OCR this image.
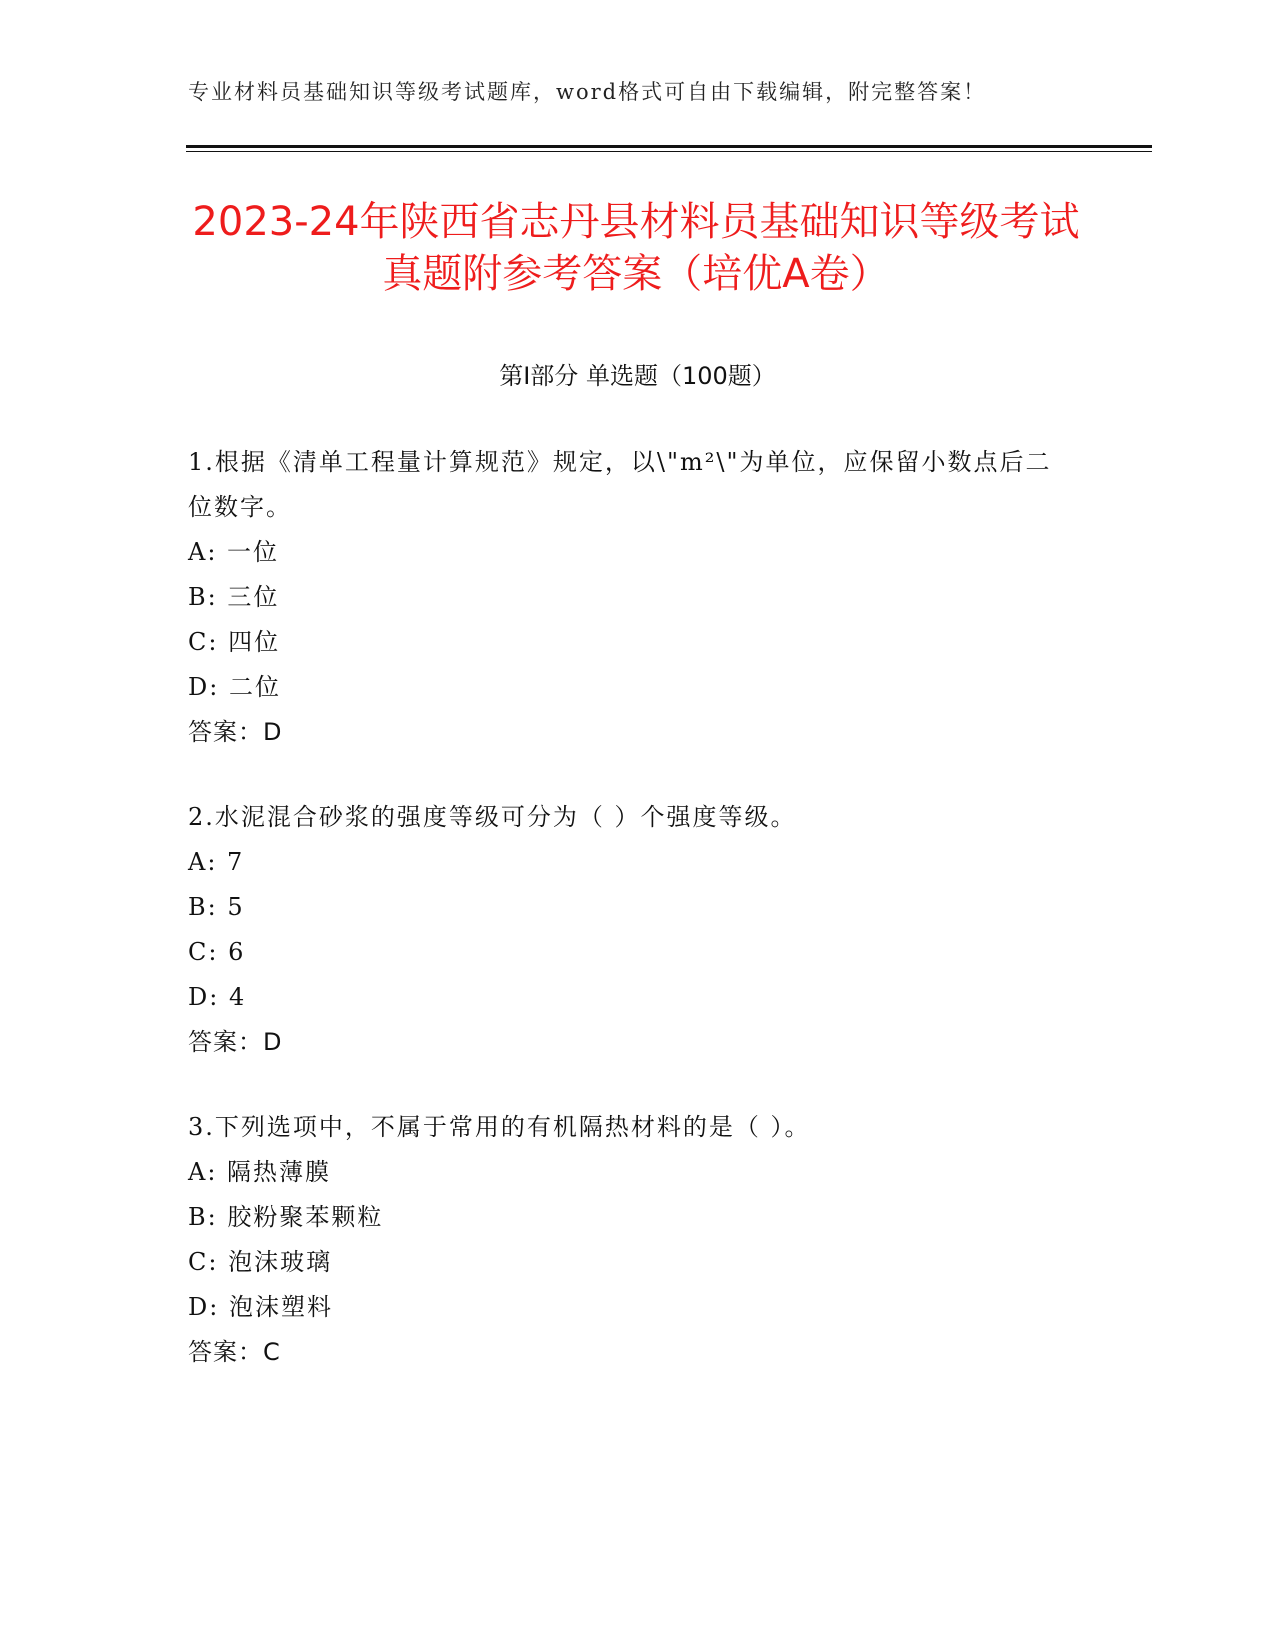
专业材料员基础知识等级考试题库，word格式可自由下载编辑，附完整答案！
2023-24年陕西省志丹县材料员基础知识等级考试真题附参考答案（培优A卷）
第Ⅰ部分 单选题（100题）

1.根据《清单工程量计算规范》规定，以\"m²\"为单位，应保留小数点后二位数字。

A: 一位

B: 三位

C: 四位

D: 二位

答案：D

2.水泥混合砂浆的强度等级可分为（ ）个强度等级。

A: 7

B: 5

C: 6

D: 4

答案：D

3.下列选项中，不属于常用的有机隔热材料的是（ ）。

A: 隔热薄膜

B: 胶粉聚苯颗粒

C: 泡沫玻璃

D: 泡沫塑料

答案：C
